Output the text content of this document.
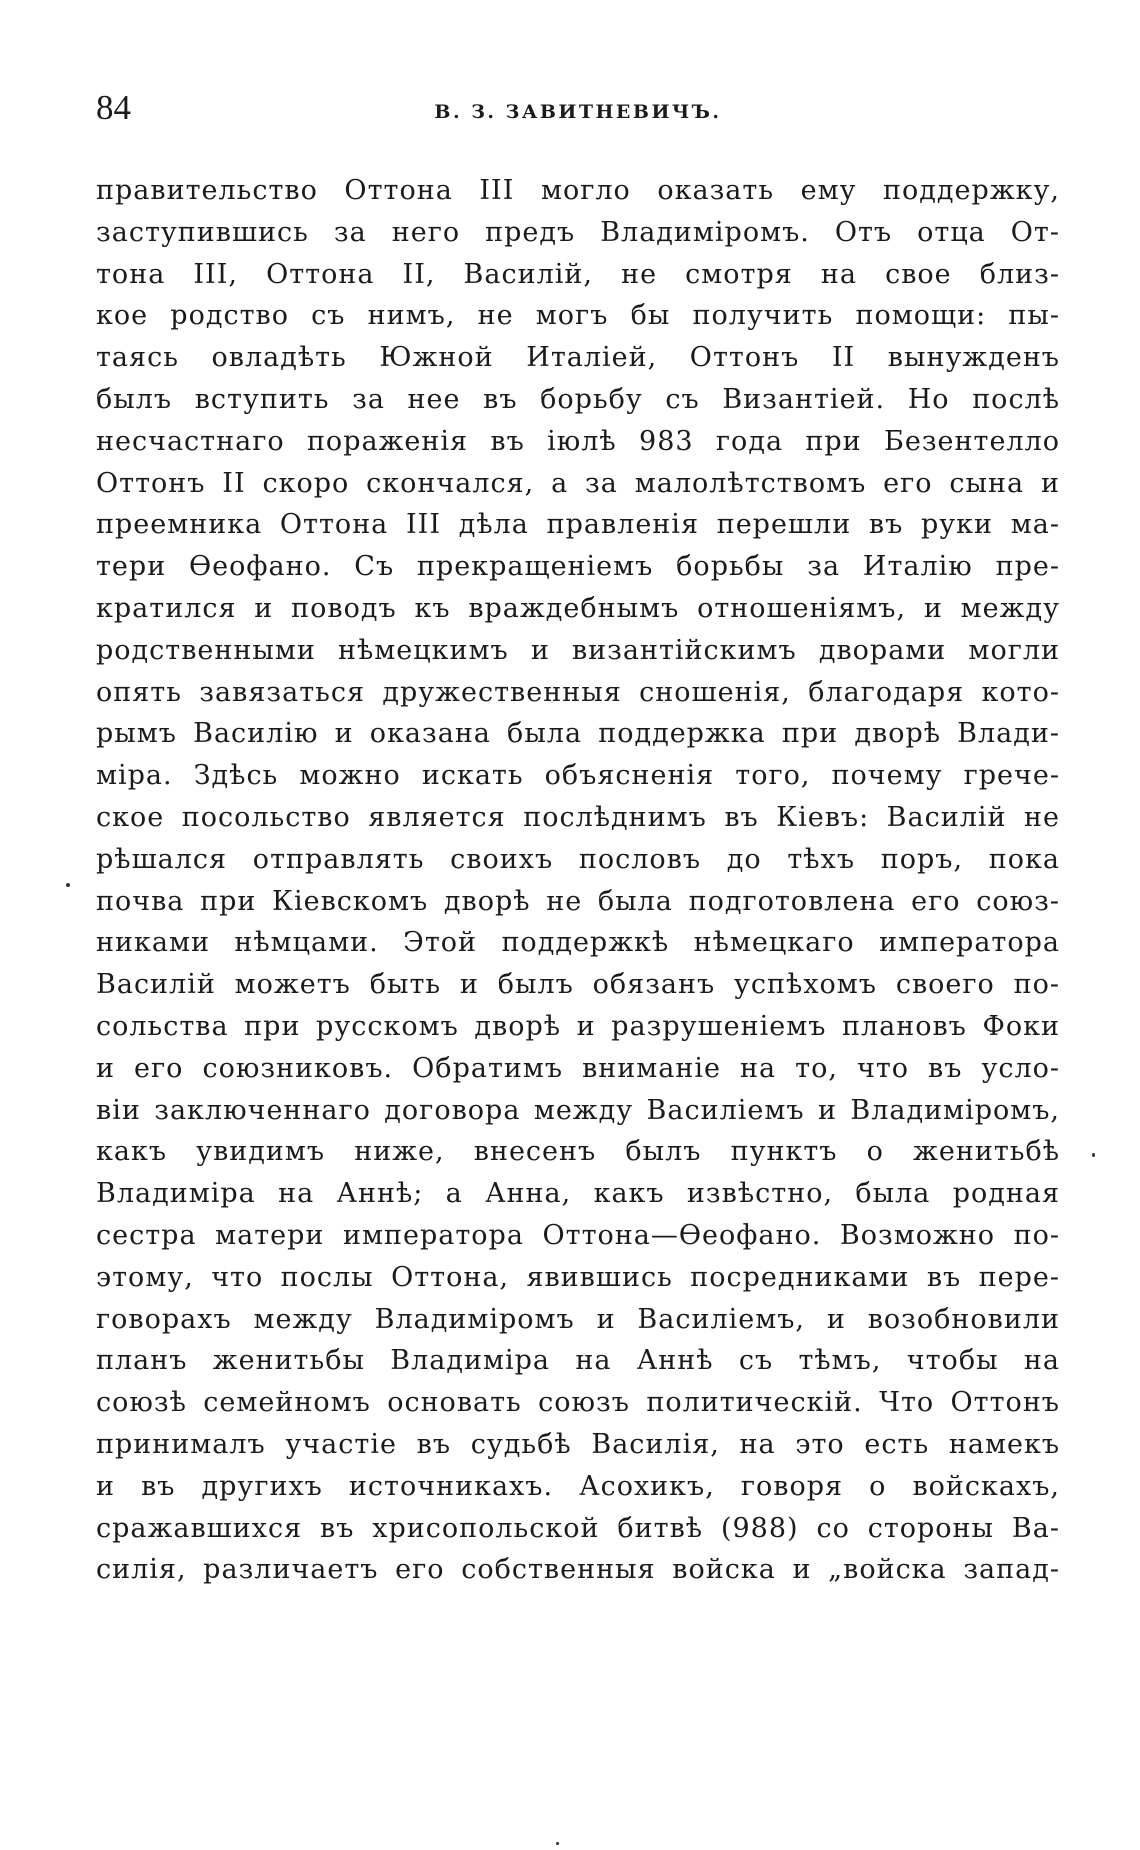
84	В. З. ЗАВИТНЕВИЧЪ.
правительство Оттона III могло оказать ему поддержку,
заступившись за него предъ Владиміромъ. Отъ отца От-
тона III, Оттона II, Василій, не смотря на свое близ-
кое родство съ нимъ, не могъ бы получить помощи: пы-
таясь овладѣть Южной Италіей, Оттонъ II вынужденъ
былъ вступить за нее въ борьбу съ Византіей. Но послѣ
несчастнаго пораженія въ іюлѣ 983 года при Безентелло
Оттонъ II скоро скончался, а за малолѣтствомъ его сына и
преемника Оттона III дѣла правленія перешли въ руки ма-
тери Ѳеофано. Съ прекращеніемъ борьбы за Италію пре-
кратился и поводъ къ враждебнымъ отношеніямъ, и между
родственными нѣмецкимъ и византійскимъ дворами могли
опять завязаться дружественныя сношенія, благодаря кото-
рымъ Василію и оказана была поддержка при дворѣ Влади-
міра. Здѣсь можно искать объясненія того, почему грече-
ское посольство является послѣднимъ въ Кіевъ: Василій не
рѣшался отправлять своихъ пословъ до тѣхъ поръ, пока
почва при Кіевскомъ дворѣ не была подготовлена его союз-
никами нѣмцами. Этой поддержкѣ нѣмецкаго императора
Василій можетъ быть и былъ обязанъ успѣхомъ своего по-
сольства при русскомъ дворѣ и разрушеніемъ плановъ Фоки
и его союзниковъ. Обратимъ вниманіе на то, что въ усло-
віи заключеннаго договора между Василіемъ и Владиміромъ,
какъ увидимъ ниже, внесенъ былъ пунктъ о женитьбѣ
Владиміра на Аннѣ; а Анна, какъ извѣстно, была родная
сестра матери императора Оттона—Ѳеофано. Возможно по-
этому, что послы Оттона, явившись посредниками въ пере-
говорахъ между Владиміромъ и Василіемъ, и возобновили
планъ женитьбы Владиміра на Аннѣ съ тѣмъ, чтобы на
союзѣ семейномъ основать союзъ политическій. Что Оттонъ
принималъ участіе въ судьбѣ Василія, на это есть намекъ
и въ другихъ источникахъ. Асохикъ, говоря о войскахъ,
сражавшихся въ хрисопольской битвѣ (988) со стороны Ва-
силія, различаетъ его собственныя войска и „войска запад-
